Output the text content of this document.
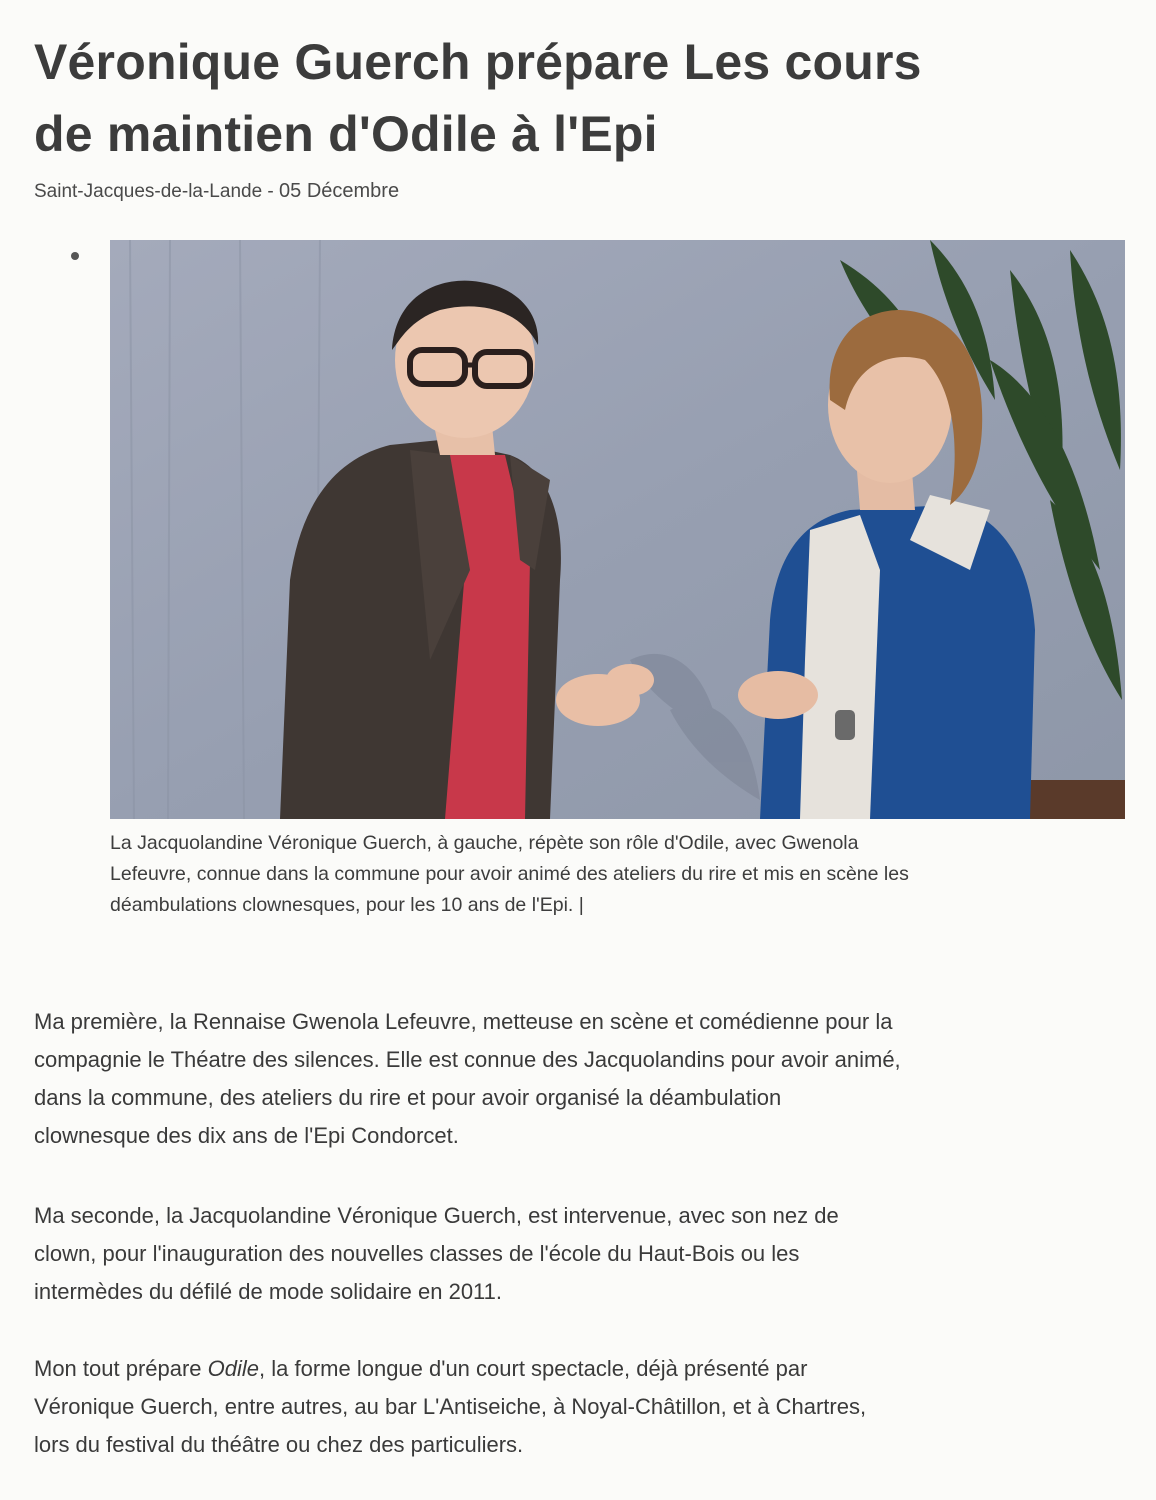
Véronique Guerch prépare Les cours
de maintien d'Odile à l'Epi
Saint-Jacques-de-la-Lande - 05 Décembre
La Jacquolandine Véronique Guerch, à gauche, répète son rôle d'Odile, avec Gwenola
Lefeuvre, connue dans la commune pour avoir animé des ateliers du rire et mis en scène les
déambulations clownesques, pour les 10 ans de l'Epi. |

Ma première, la Rennaise Gwenola Lefeuvre, metteuse en scène et comédienne pour la
compagnie le Théatre des silences. Elle est connue des Jacquolandins pour avoir animé,
dans la commune, des ateliers du rire et pour avoir organisé la déambulation
clownesque des dix ans de l'Epi Condorcet.

Ma seconde, la Jacquolandine Véronique Guerch, est intervenue, avec son nez de
clown, pour l'inauguration des nouvelles classes de l'école du Haut-Bois ou les
intermèdes du défilé de mode solidaire en 2011.

Mon tout prépare Odile, la forme longue d'un court spectacle, déjà présenté par
Véronique Guerch, entre autres, au bar L'Antiseiche, à Noyal-Châtillon, et à Chartres,
lors du festival du théâtre ou chez des particuliers.
